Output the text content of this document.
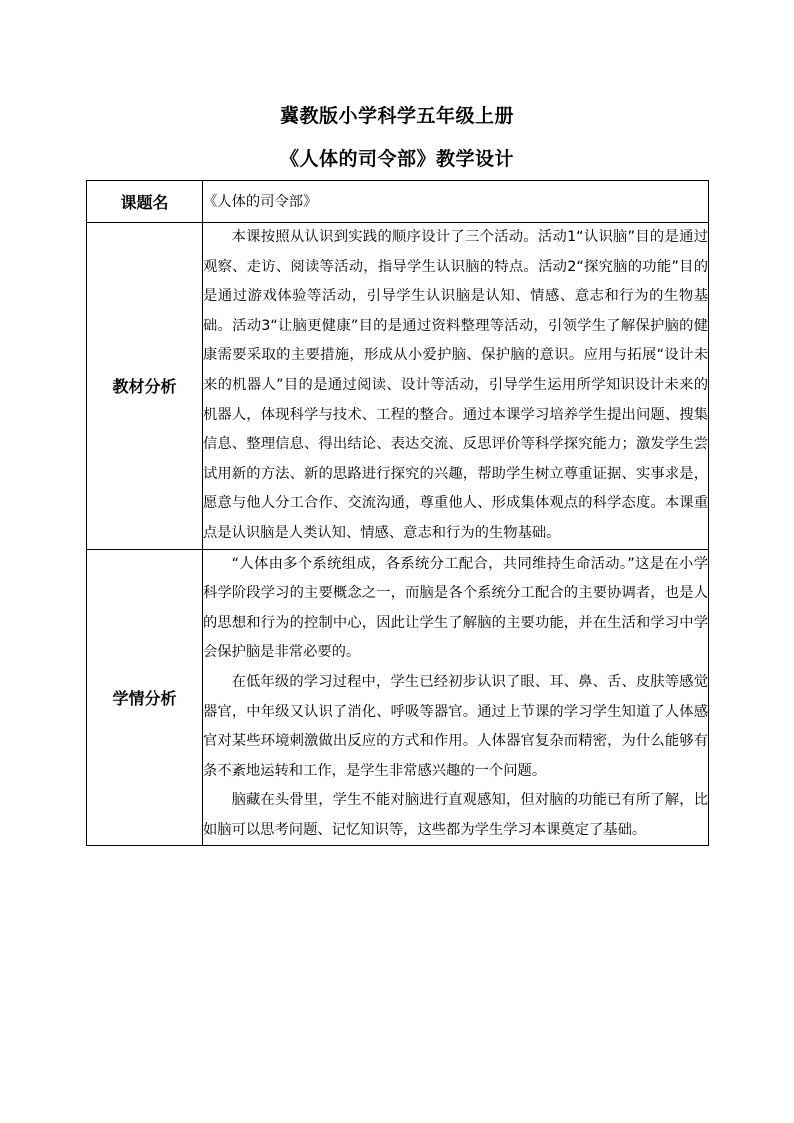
冀教版小学科学五年级上册
《人体的司令部》教学设计
课题名	《人体的司令部》
教材分析	本课按照从认识到实践的顺序设计了三个活动。活动1“认识脑”目的是通过观察、走访、阅读等活动，指导学生认识脑的特点。活动2“探究脑的功能”目的是通过游戏体验等活动，引导学生认识脑是认知、情感、意志和行为的生物基础。活动3“让脑更健康”目的是通过资料整理等活动，引领学生了解保护脑的健康需要采取的主要措施，形成从小爱护脑、保护脑的意识。应用与拓展“设计未来的机器人”目的是通过阅读、设计等活动，引导学生运用所学知识设计未来的机器人，体现科学与技术、工程的整合。通过本课学习培养学生提出问题、搜集信息、整理信息、得出结论、表达交流、反思评价等科学探究能力；激发学生尝试用新的方法、新的思路进行探究的兴趣，帮助学生树立尊重证据、实事求是，愿意与他人分工合作、交流沟通，尊重他人、形成集体观点的科学态度。本课重点是认识脑是人类认知、情感、意志和行为的生物基础。

学情分析	“人体由多个系统组成，各系统分工配合，共同维持生命活动。”这是在小学科学阶段学习的主要概念之一，而脑是各个系统分工配合的主要协调者，也是人的思想和行为的控制中心，因此让学生了解脑的主要功能，并在生活和学习中学会保护脑是非常必要的。

在低年级的学习过程中，学生已经初步认识了眼、耳、鼻、舌、皮肤等感觉器官，中年级又认识了消化、呼吸等器官。通过上节课的学习学生知道了人体感官对某些环境刺激做出反应的方式和作用。人体器官复杂而精密，为什么能够有条不紊地运转和工作，是学生非常感兴趣的一个问题。

脑藏在头骨里，学生不能对脑进行直观感知，但对脑的功能已有所了解，比如脑可以思考问题、记忆知识等，这些都为学生学习本课奠定了基础。
